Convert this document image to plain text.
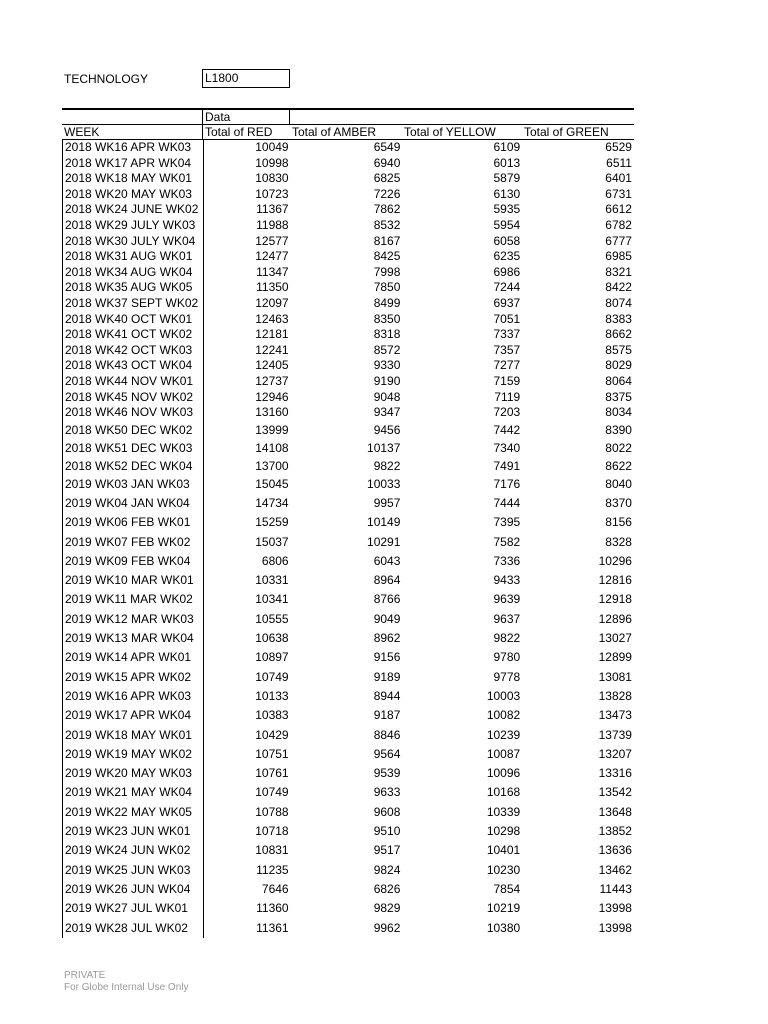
TECHNOLOGY	L1800
Data
WEEK	Total of RED	Total of AMBER	Total of YELLOW	Total of GREEN
2018 WK16 APR WK03	10049	6549	6109	6529
2018 WK17 APR WK04	10998	6940	6013	6511
2018 WK18 MAY WK01	10830	6825	5879	6401
2018 WK20 MAY WK03	10723	7226	6130	6731
2018 WK24 JUNE WK02	11367	7862	5935	6612
2018 WK29 JULY WK03	11988	8532	5954	6782
2018 WK30 JULY WK04	12577	8167	6058	6777
2018 WK31 AUG WK01	12477	8425	6235	6985
2018 WK34 AUG WK04	11347	7998	6986	8321
2018 WK35 AUG WK05	11350	7850	7244	8422
2018 WK37 SEPT WK02	12097	8499	6937	8074
2018 WK40 OCT WK01	12463	8350	7051	8383
2018 WK41 OCT WK02	12181	8318	7337	8662
2018 WK42 OCT WK03	12241	8572	7357	8575
2018 WK43 OCT WK04	12405	9330	7277	8029
2018 WK44 NOV WK01	12737	9190	7159	8064
2018 WK45 NOV WK02	12946	9048	7119	8375
2018 WK46 NOV WK03	13160	9347	7203	8034
2018 WK50 DEC WK02	13999	9456	7442	8390
2018 WK51 DEC WK03	14108	10137	7340	8022
2018 WK52 DEC WK04	13700	9822	7491	8622
2019 WK03 JAN WK03	15045	10033	7176	8040
2019 WK04 JAN WK04	14734	9957	7444	8370
2019 WK06 FEB WK01	15259	10149	7395	8156
2019 WK07 FEB WK02	15037	10291	7582	8328
2019 WK09 FEB WK04	6806	6043	7336	10296
2019 WK10 MAR WK01	10331	8964	9433	12816
2019 WK11 MAR WK02	10341	8766	9639	12918
2019 WK12 MAR WK03	10555	9049	9637	12896
2019 WK13 MAR WK04	10638	8962	9822	13027
2019 WK14 APR WK01	10897	9156	9780	12899
2019 WK15 APR WK02	10749	9189	9778	13081
2019 WK16 APR WK03	10133	8944	10003	13828
2019 WK17 APR WK04	10383	9187	10082	13473
2019 WK18 MAY WK01	10429	8846	10239	13739
2019 WK19 MAY WK02	10751	9564	10087	13207
2019 WK20 MAY WK03	10761	9539	10096	13316
2019 WK21 MAY WK04	10749	9633	10168	13542
2019 WK22 MAY WK05	10788	9608	10339	13648
2019 WK23 JUN WK01	10718	9510	10298	13852
2019 WK24 JUN WK02	10831	9517	10401	13636
2019 WK25 JUN WK03	11235	9824	10230	13462
2019 WK26 JUN WK04	7646	6826	7854	11443
2019 WK27 JUL WK01	11360	9829	10219	13998
2019 WK28 JUL WK02	11361	9962	10380	13998
PRIVATE
For Globe Internal Use Only
